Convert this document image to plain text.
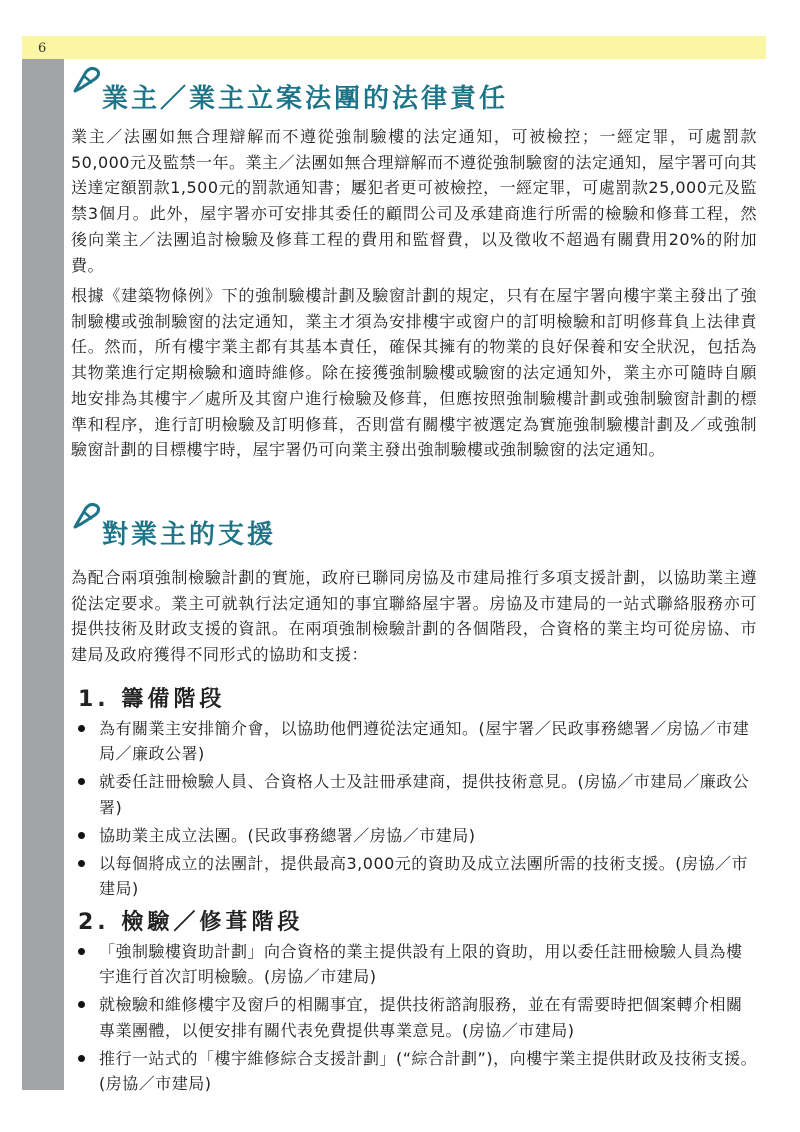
6
業主／業主立案法團的法律責任

業主／法團如無合理辯解而不遵從強制驗樓的法定通知，可被檢控；一經定罪，可處罰款50,000元及監禁一年。業主／法團如無合理辯解而不遵從強制驗窗的法定通知，屋宇署可向其送達定額罰款1,500元的罰款通知書；屢犯者更可被檢控，一經定罪，可處罰款25,000元及監禁3個月。此外，屋宇署亦可安排其委任的顧問公司及承建商進行所需的檢驗和修葺工程，然後向業主／法團追討檢驗及修葺工程的費用和監督費，以及徵收不超過有關費用20%的附加費。

根據《建築物條例》下的強制驗樓計劃及驗窗計劃的規定，只有在屋宇署向樓宇業主發出了強制驗樓或強制驗窗的法定通知，業主才須為安排樓宇或窗户的訂明檢驗和訂明修葺負上法律責任。然而，所有樓宇業主都有其基本責任，確保其擁有的物業的良好保養和安全狀況，包括為其物業進行定期檢驗和適時維修。除在接獲強制驗樓或驗窗的法定通知外，業主亦可隨時自願地安排為其樓宇／處所及其窗户進行檢驗及修葺，但應按照強制驗樓計劃或強制驗窗計劃的標準和程序，進行訂明檢驗及訂明修葺，否則當有關樓宇被選定為實施強制驗樓計劃及／或強制驗窗計劃的目標樓宇時，屋宇署仍可向業主發出強制驗樓或強制驗窗的法定通知。

對業主的支援

為配合兩項強制檢驗計劃的實施，政府已聯同房協及市建局推行多項支援計劃，以協助業主遵從法定要求。業主可就執行法定通知的事宜聯絡屋宇署。房協及市建局的一站式聯絡服務亦可提供技術及財政支援的資訊。在兩項強制檢驗計劃的各個階段，合資格的業主均可從房協、市建局及政府獲得不同形式的協助和支援：

1. 籌備階段
為有關業主安排簡介會，以協助他們遵從法定通知。(屋宇署／民政事務總署／房協／市建局／廉政公署)
就委任註冊檢驗人員、合資格人士及註冊承建商，提供技術意見。(房協／市建局／廉政公署)
協助業主成立法團。(民政事務總署／房協／市建局)
以每個將成立的法團計，提供最高3,000元的資助及成立法團所需的技術支援。(房協／市建局)
2. 檢驗／修葺階段
「強制驗樓資助計劃」向合資格的業主提供設有上限的資助，用以委任註冊檢驗人員為樓宇進行首次訂明檢驗。(房協／市建局)
就檢驗和維修樓宇及窗戶的相關事宜，提供技術諮詢服務，並在有需要時把個案轉介相關專業團體，以便安排有關代表免費提供專業意見。(房協／市建局)
推行一站式的「樓宇維修綜合支援計劃」(“綜合計劃”)，向樓宇業主提供財政及技術支援。(房協／市建局)
